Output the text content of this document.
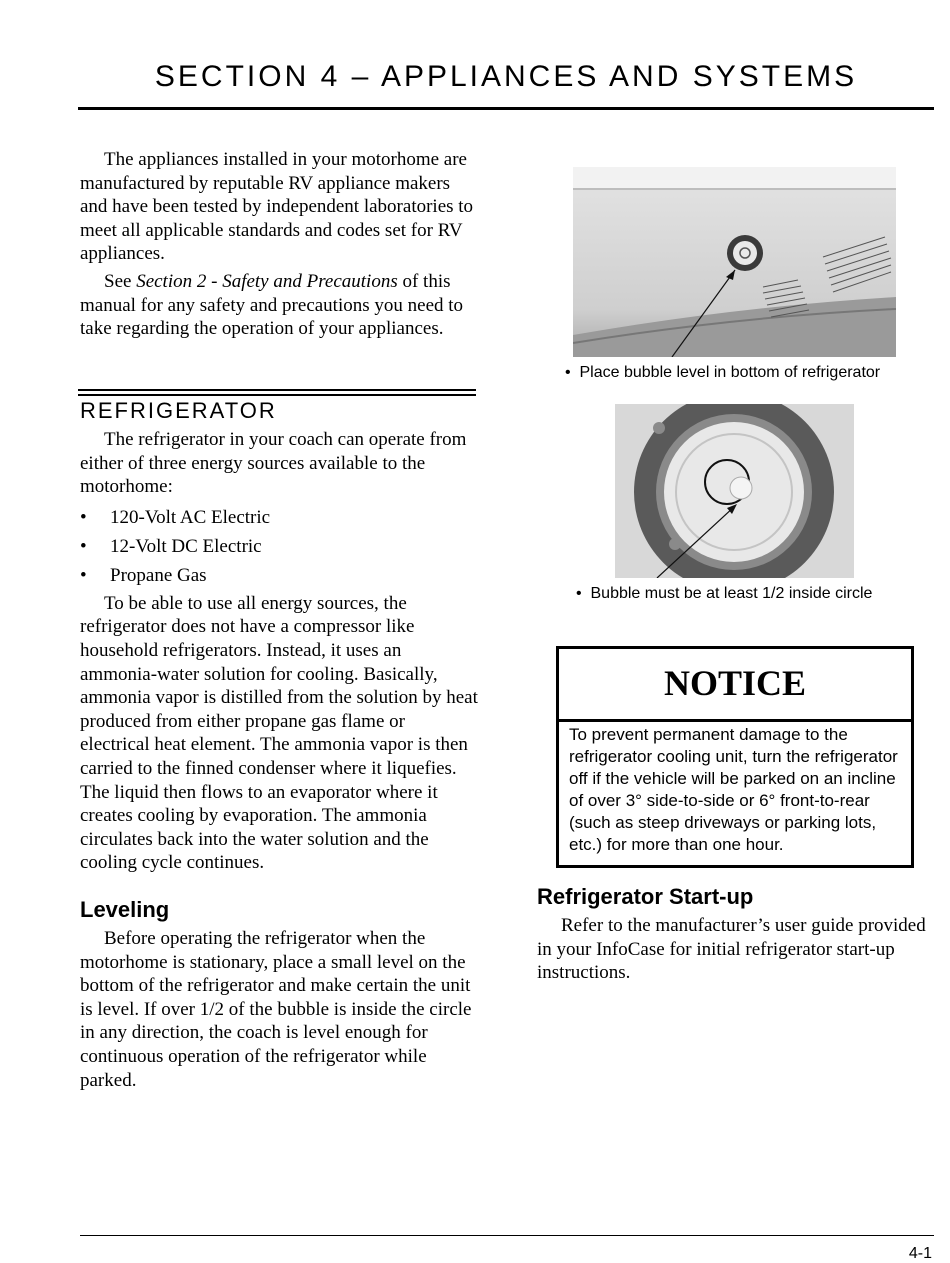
SECTION 4 – APPLIANCES AND SYSTEMS

The appliances installed in your motorhome are manufactured by reputable RV appliance makers and have been tested by independent laboratories to meet all applicable standards and codes set for RV appliances.

See Section 2 - Safety and Precautions of this manual for any safety and precautions you need to take regarding the operation of your appliances.

REFRIGERATOR

The refrigerator in your coach can operate from either of three energy sources available to the motorhome:

• 120-Volt AC Electric
• 12-Volt DC Electric
• Propane Gas

To be able to use all energy sources, the refrigerator does not have a compressor like household refrigerators. Instead, it uses an ammonia-water solution for cooling. Basically, ammonia vapor is distilled from the solution by heat produced from either propane gas flame or electrical heat element. The ammonia vapor is then carried to the finned condenser where it liquefies. The liquid then flows to an evaporator where it creates cooling by evaporation. The ammonia circulates back into the water solution and the cooling cycle continues.

Leveling

Before operating the refrigerator when the motorhome is stationary, place a small level on the bottom of the refrigerator and make certain the unit is level. If over 1/2 of the bubble is inside the circle in any direction, the coach is level enough for continuous operation of the refrigerator while parked.

• Place bubble level in bottom of refrigerator
• Bubble must be at least 1/2 inside circle
NOTICE
To prevent permanent damage to the refrigerator cooling unit, turn the refrigerator off if the vehicle will be parked on an incline of over 3° side-to-side or 6° front-to-rear (such as steep driveways or parking lots, etc.) for more than one hour.
Refrigerator Start-up

Refer to the manufacturer’s user guide provided in your InfoCase for initial refrigerator start-up instructions.

4-1
